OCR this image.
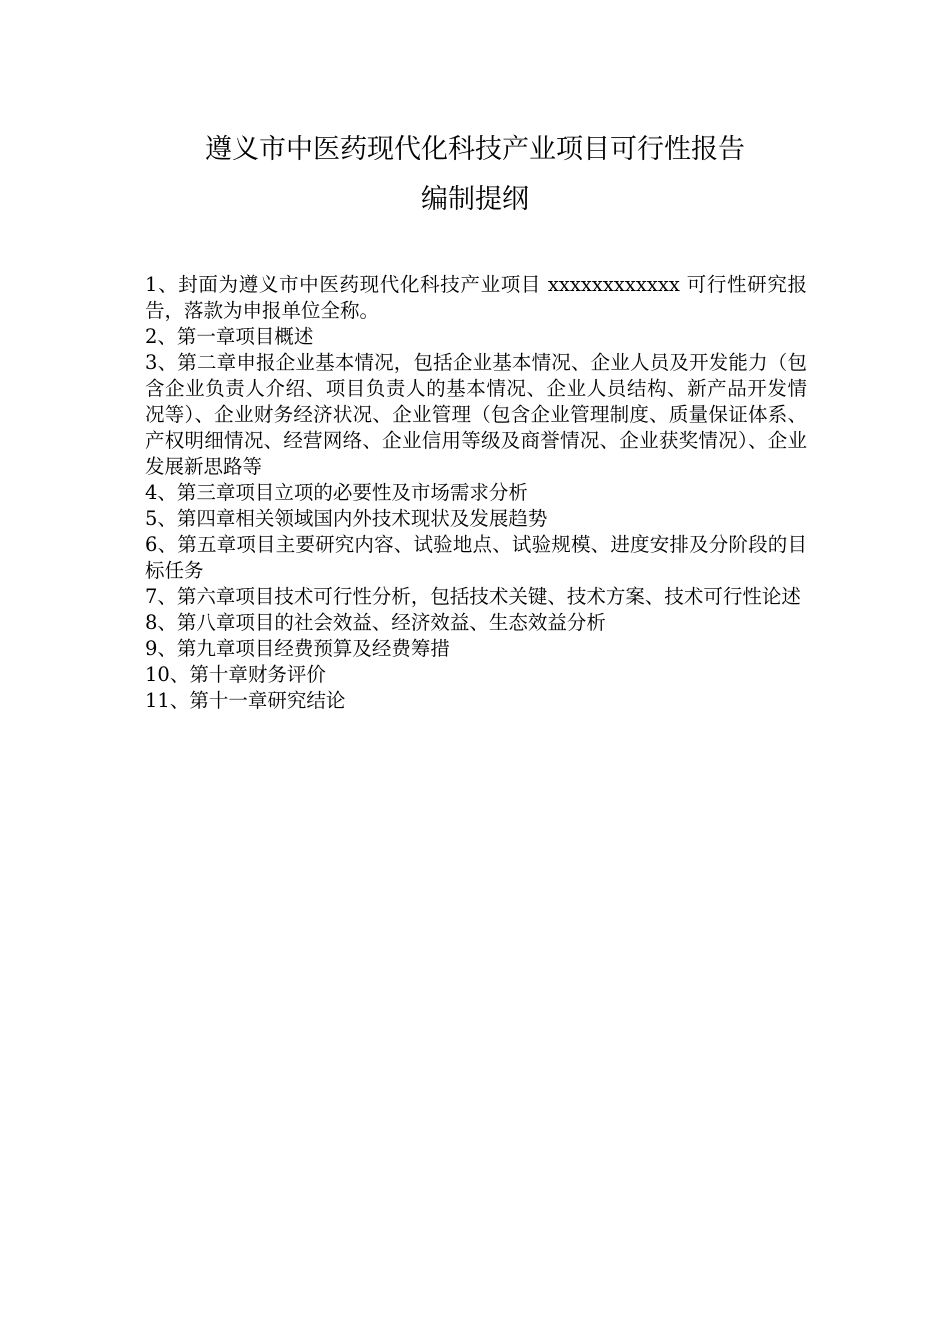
遵义市中医药现代化科技产业项目可行性报告
编制提纲

1、封面为遵义市中医药现代化科技产业项目 xxxxxxxxxxxx 可行性研究报告，落款为申报单位全称。

2、第一章项目概述

3、第二章申报企业基本情况，包括企业基本情况、企业人员及开发能力（包含企业负责人介绍、项目负责人的基本情况、企业人员结构、新产品开发情况等）、企业财务经济状况、企业管理（包含企业管理制度、质量保证体系、产权明细情况、经营网络、企业信用等级及商誉情况、企业获奖情况）、企业发展新思路等

4、第三章项目立项的必要性及市场需求分析

5、第四章相关领域国内外技术现状及发展趋势

6、第五章项目主要研究内容、试验地点、试验规模、进度安排及分阶段的目标任务

7、第六章项目技术可行性分析，包括技术关键、技术方案、技术可行性论述

8、第八章项目的社会效益、经济效益、生态效益分析

9、第九章项目经费预算及经费筹措

10、第十章财务评价

11、第十一章研究结论
